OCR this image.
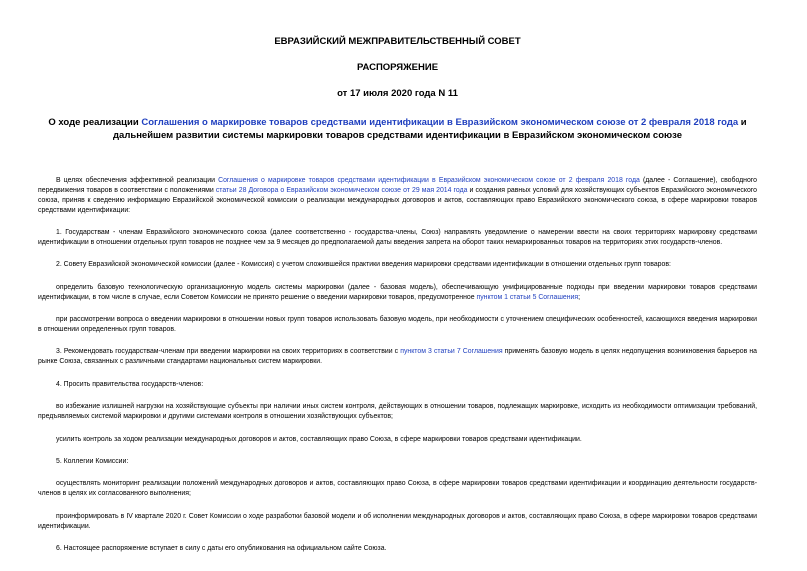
ЕВРАЗИЙСКИЙ МЕЖПРАВИТЕЛЬСТВЕННЫЙ СОВЕТ
РАСПОРЯЖЕНИЕ
от 17 июля 2020 года N 11
О ходе реализации Соглашения о маркировке товаров средствами идентификации в Евразийском экономическом союзе от 2 февраля 2018 года и дальнейшем развитии системы маркировки товаров средствами идентификации в Евразийском экономическом союзе

В целях обеспечения эффективной реализации Соглашения о маркировке товаров средствами идентификации в Евразийском экономическом союзе от 2 февраля 2018 года (далее - Соглашение), свободного передвижения товаров в соответствии с положениями статьи 28 Договора о Евразийском экономическом союзе от 29 мая 2014 года и создания равных условий для хозяйствующих субъектов Евразийского экономического союза, приняв к сведению информацию Евразийской экономической комиссии о реализации международных договоров и актов, составляющих право Евразийского экономического союза, в сфере маркировки товаров средствами идентификации:

1. Государствам - членам Евразийского экономического союза (далее соответственно - государства-члены, Союз) направлять уведомление о намерении ввести на своих территориях маркировку средствами идентификации в отношении отдельных групп товаров не позднее чем за 9 месяцев до предполагаемой даты введения запрета на оборот таких немаркированных товаров на территориях этих государств-членов.

2. Совету Евразийской экономической комиссии (далее - Комиссия) с учетом сложившейся практики введения маркировки средствами идентификации в отношении отдельных групп товаров:

определить базовую технологическую организационную модель системы маркировки (далее - базовая модель), обеспечивающую унифицированные подходы при введении маркировки товаров средствами идентификации, в том числе в случае, если Советом Комиссии не принято решение о введении маркировки товаров, предусмотренное пунктом 1 статьи 5 Соглашения;

при рассмотрении вопроса о введении маркировки в отношении новых групп товаров использовать базовую модель, при необходимости с уточнением специфических особенностей, касающихся введения маркировки в отношении определенных групп товаров.

3. Рекомендовать государствам-членам при введении маркировки на своих территориях в соответствии с пунктом 3 статьи 7 Соглашения применять базовую модель в целях недопущения возникновения барьеров на рынке Союза, связанных с различными стандартами национальных систем маркировки.

4. Просить правительства государств-членов:

во избежание излишней нагрузки на хозяйствующие субъекты при наличии иных систем контроля, действующих в отношении товаров, подлежащих маркировке, исходить из необходимости оптимизации требований, предъявляемых системой маркировки и другими системами контроля в отношении хозяйствующих субъектов;

усилить контроль за ходом реализации международных договоров и актов, составляющих право Союза, в сфере маркировки товаров средствами идентификации.

5. Коллегии Комиссии:

осуществлять мониторинг реализации положений международных договоров и актов, составляющих право Союза, в сфере маркировки товаров средствами идентификации и координацию деятельности государств-членов в целях их согласованного выполнения;

проинформировать в IV квартале 2020 г. Совет Комиссии о ходе разработки базовой модели и об исполнении международных договоров и актов, составляющих право Союза, в сфере маркировки товаров средствами идентификации.

6. Настоящее распоряжение вступает в силу с даты его опубликования на официальном сайте Союза.
